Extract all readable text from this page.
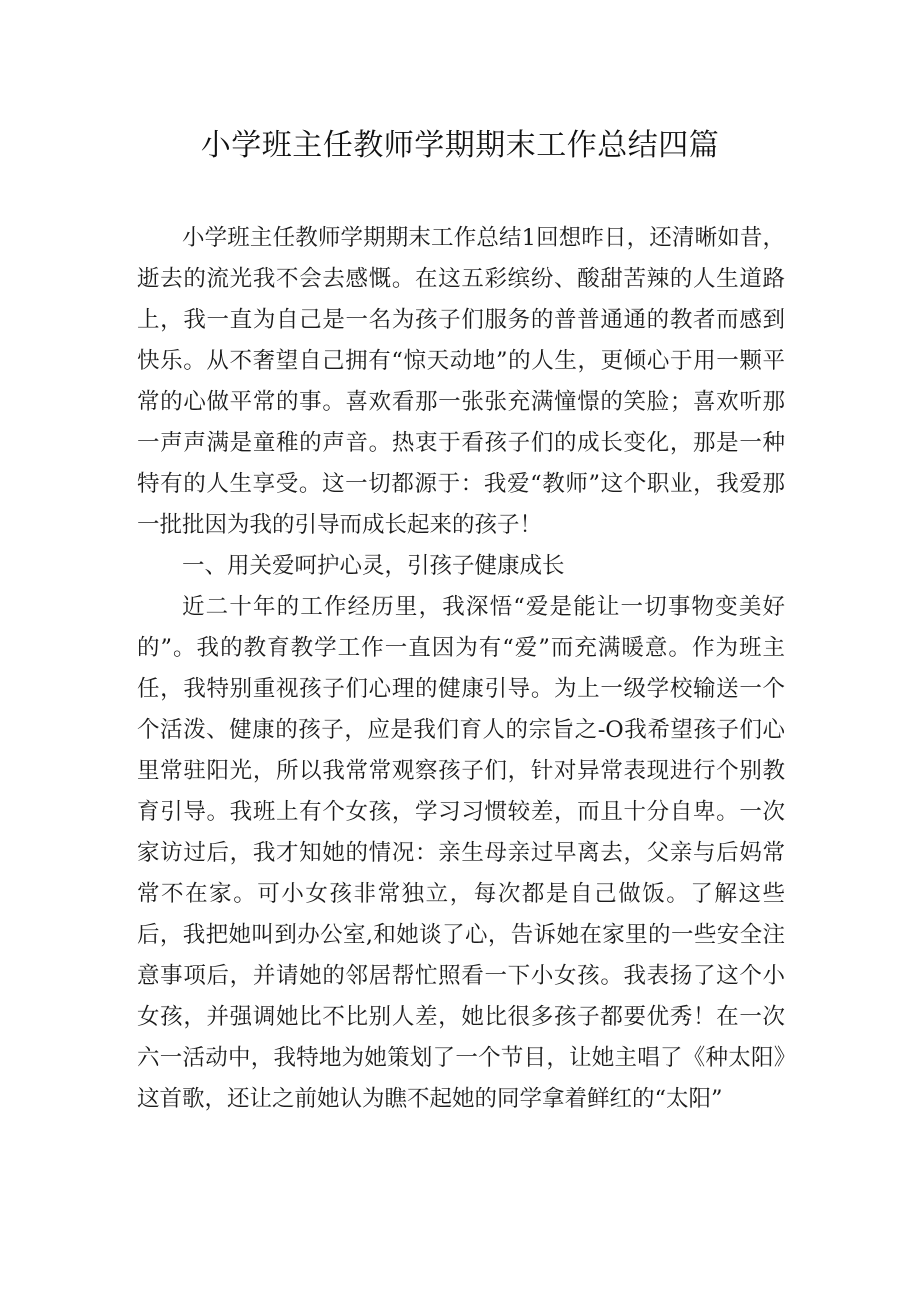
小学班主任教师学期期末工作总结四篇

小学班主任教师学期期末工作总结1回想昨日，还清晰如昔，逝去的流光我不会去感慨。在这五彩缤纷、酸甜苦辣的人生道路上，我一直为自己是一名为孩子们服务的普普通通的教者而感到快乐。从不奢望自己拥有“惊天动地”的人生，更倾心于用一颗平常的心做平常的事。喜欢看那一张张充满憧憬的笑脸；喜欢听那一声声满是童稚的声音。热衷于看孩子们的成长变化，那是一种特有的人生享受。这一切都源于：我爱“教师”这个职业，我爱那一批批因为我的引导而成长起来的孩子！

一、用关爱呵护心灵，引孩子健康成长

近二十年的工作经历里，我深悟“爱是能让一切事物变美好的”。我的教育教学工作一直因为有“爱”而充满暖意。作为班主任，我特别重视孩子们心理的健康引导。为上一级学校输送一个个活泼、健康的孩子，应是我们育人的宗旨之-O我希望孩子们心里常驻阳光，所以我常常观察孩子们，针对异常表现进行个别教育引导。我班上有个女孩，学习习惯较差，而且十分自卑。一次家访过后，我才知她的情况：亲生母亲过早离去，父亲与后妈常常不在家。可小女孩非常独立，每次都是自己做饭。了解这些后，我把她叫到办公室,和她谈了心，告诉她在家里的一些安全注意事项后，并请她的邻居帮忙照看一下小女孩。我表扬了这个小女孩，并强调她比不比别人差，她比很多孩子都要优秀！在一次六一活动中，我特地为她策划了一个节目，让她主唱了《种太阳》这首歌，还让之前她认为瞧不起她的同学拿着鲜红的“太阳”
